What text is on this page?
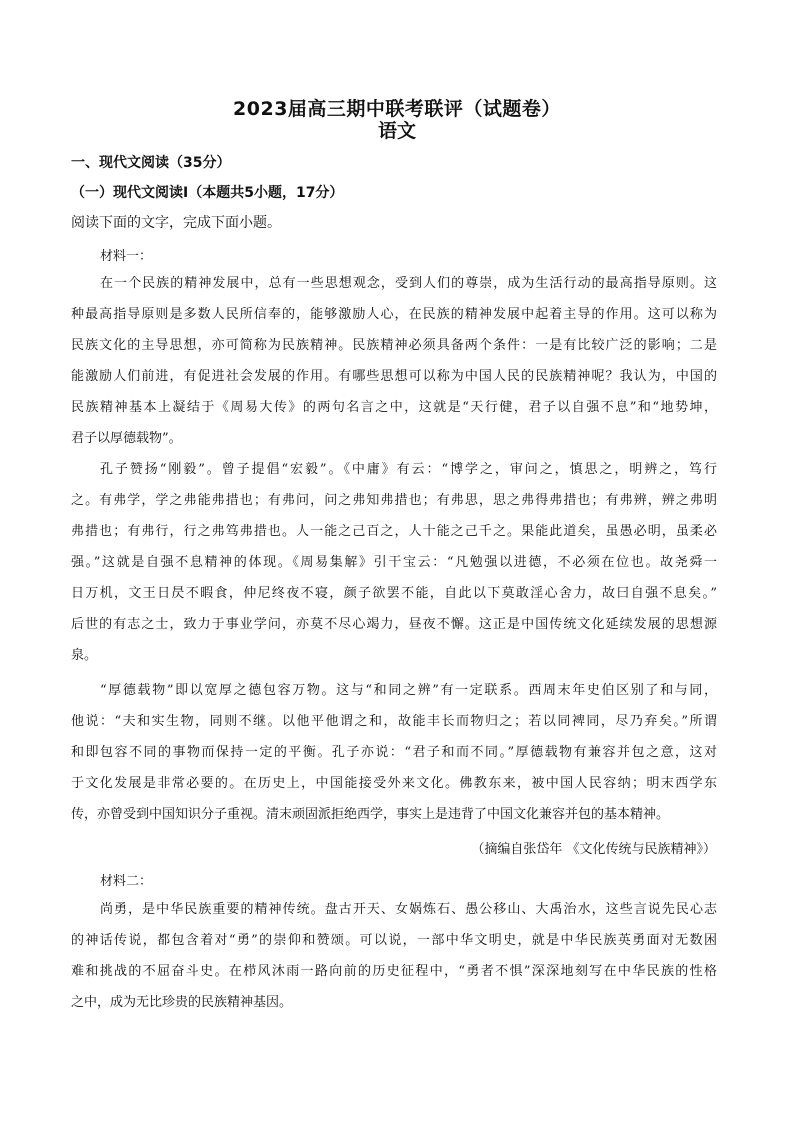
2023届高三期中联考联评（试题卷）
语文
一、现代文阅读（35分）
（一）现代文阅读Ⅰ（本题共5小题，17分）
阅读下面的文字，完成下面小题。
材料一：
在一个民族的精神发展中，总有一些思想观念，受到人们的尊崇，成为生活行动的最高指导原则。这
种最高指导原则是多数人民所信奉的，能够激励人心，在民族的精神发展中起着主导的作用。这可以称为
民族文化的主导思想，亦可简称为民族精神。民族精神必须具备两个条件：一是有比较广泛的影响；二是
能激励人们前进，有促进社会发展的作用。有哪些思想可以称为中国人民的民族精神呢？我认为，中国的
民族精神基本上凝结于《周易大传》的两句名言之中，这就是“天行健，君子以自强不息”和“地势坤，
君子以厚德载物”。
孔子赞扬“刚毅”。曾子提倡“宏毅”。《中庸》有云：“博学之，审问之，慎思之，明辨之，笃行
之。有弗学，学之弗能弗措也；有弗问，问之弗知弗措也；有弗思，思之弗得弗措也；有弗辨，辨之弗明
弗措也；有弗行，行之弗笃弗措也。人一能之己百之，人十能之己千之。果能此道矣，虽愚必明，虽柔必
强。”这就是自强不息精神的体现。《周易集解》引干宝云：“凡勉强以进德，不必须在位也。故尧舜一
日万机，文王日昃不暇食，仲尼终夜不寝，颜子欲罢不能，自此以下莫敢淫心舍力，故曰自强不息矣。”
后世的有志之士，致力于事业学问，亦莫不尽心竭力，昼夜不懈。这正是中国传统文化延续发展的思想源
泉。
“厚德载物”即以宽厚之德包容万物。这与“和同之辨”有一定联系。西周末年史伯区别了和与同，
他说：“夫和实生物，同则不继。以他平他谓之和，故能丰长而物归之；若以同裨同，尽乃弃矣。”所谓
和即包容不同的事物而保持一定的平衡。孔子亦说：“君子和而不同。”厚德载物有兼容并包之意，这对
于文化发展是非常必要的。在历史上，中国能接受外来文化。佛教东来，被中国人民容纳；明末西学东
传，亦曾受到中国知识分子重视。清末顽固派拒绝西学，事实上是违背了中国文化兼容并包的基本精神。
（摘编自张岱年 《文化传统与民族精神》）
材料二：
尚勇，是中华民族重要的精神传统。盘古开天、女娲炼石、愚公移山、大禹治水，这些言说先民心志
的神话传说，都包含着对“勇”的崇仰和赞颂。可以说，一部中华文明史，就是中华民族英勇面对无数困
难和挑战的不屈奋斗史。在栉风沐雨一路向前的历史征程中，“勇者不惧”深深地刻写在中华民族的性格
之中，成为无比珍贵的民族精神基因。
